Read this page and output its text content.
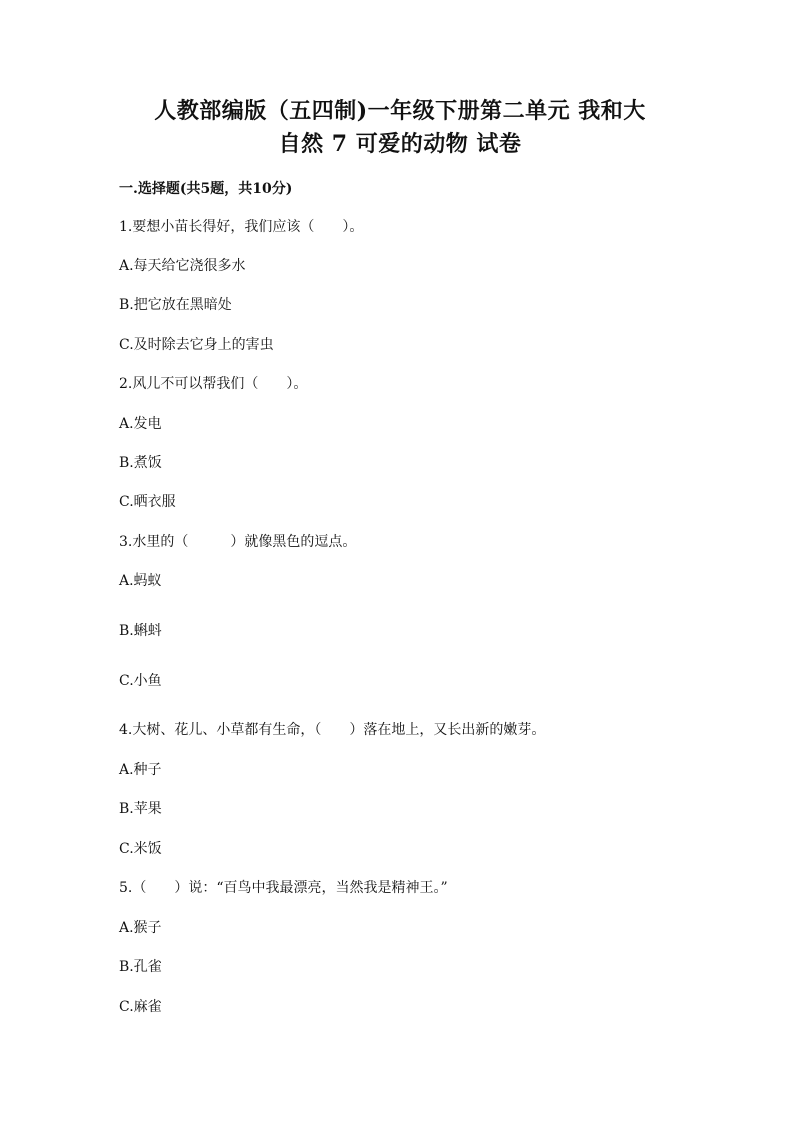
人教部编版（五四制)一年级下册第二单元 我和大
自然 7 可爱的动物 试卷
一.选择题(共5题，共10分)
1.要想小苗长得好，我们应该（　　）。
A.每天给它浇很多水
B.把它放在黑暗处
C.及时除去它身上的害虫
2.风儿不可以帮我们（　　）。
A.发电
B.煮饭
C.晒衣服
3.水里的（　　　）就像黑色的逗点。
A.蚂蚁
B.蝌蚪
C.小鱼
4.大树、花儿、小草都有生命，（　　）落在地上，又长出新的嫩芽。
A.种子
B.苹果
C.米饭
5.（　　）说：“百鸟中我最漂亮，当然我是精神王。”
A.猴子
B.孔雀
C.麻雀
